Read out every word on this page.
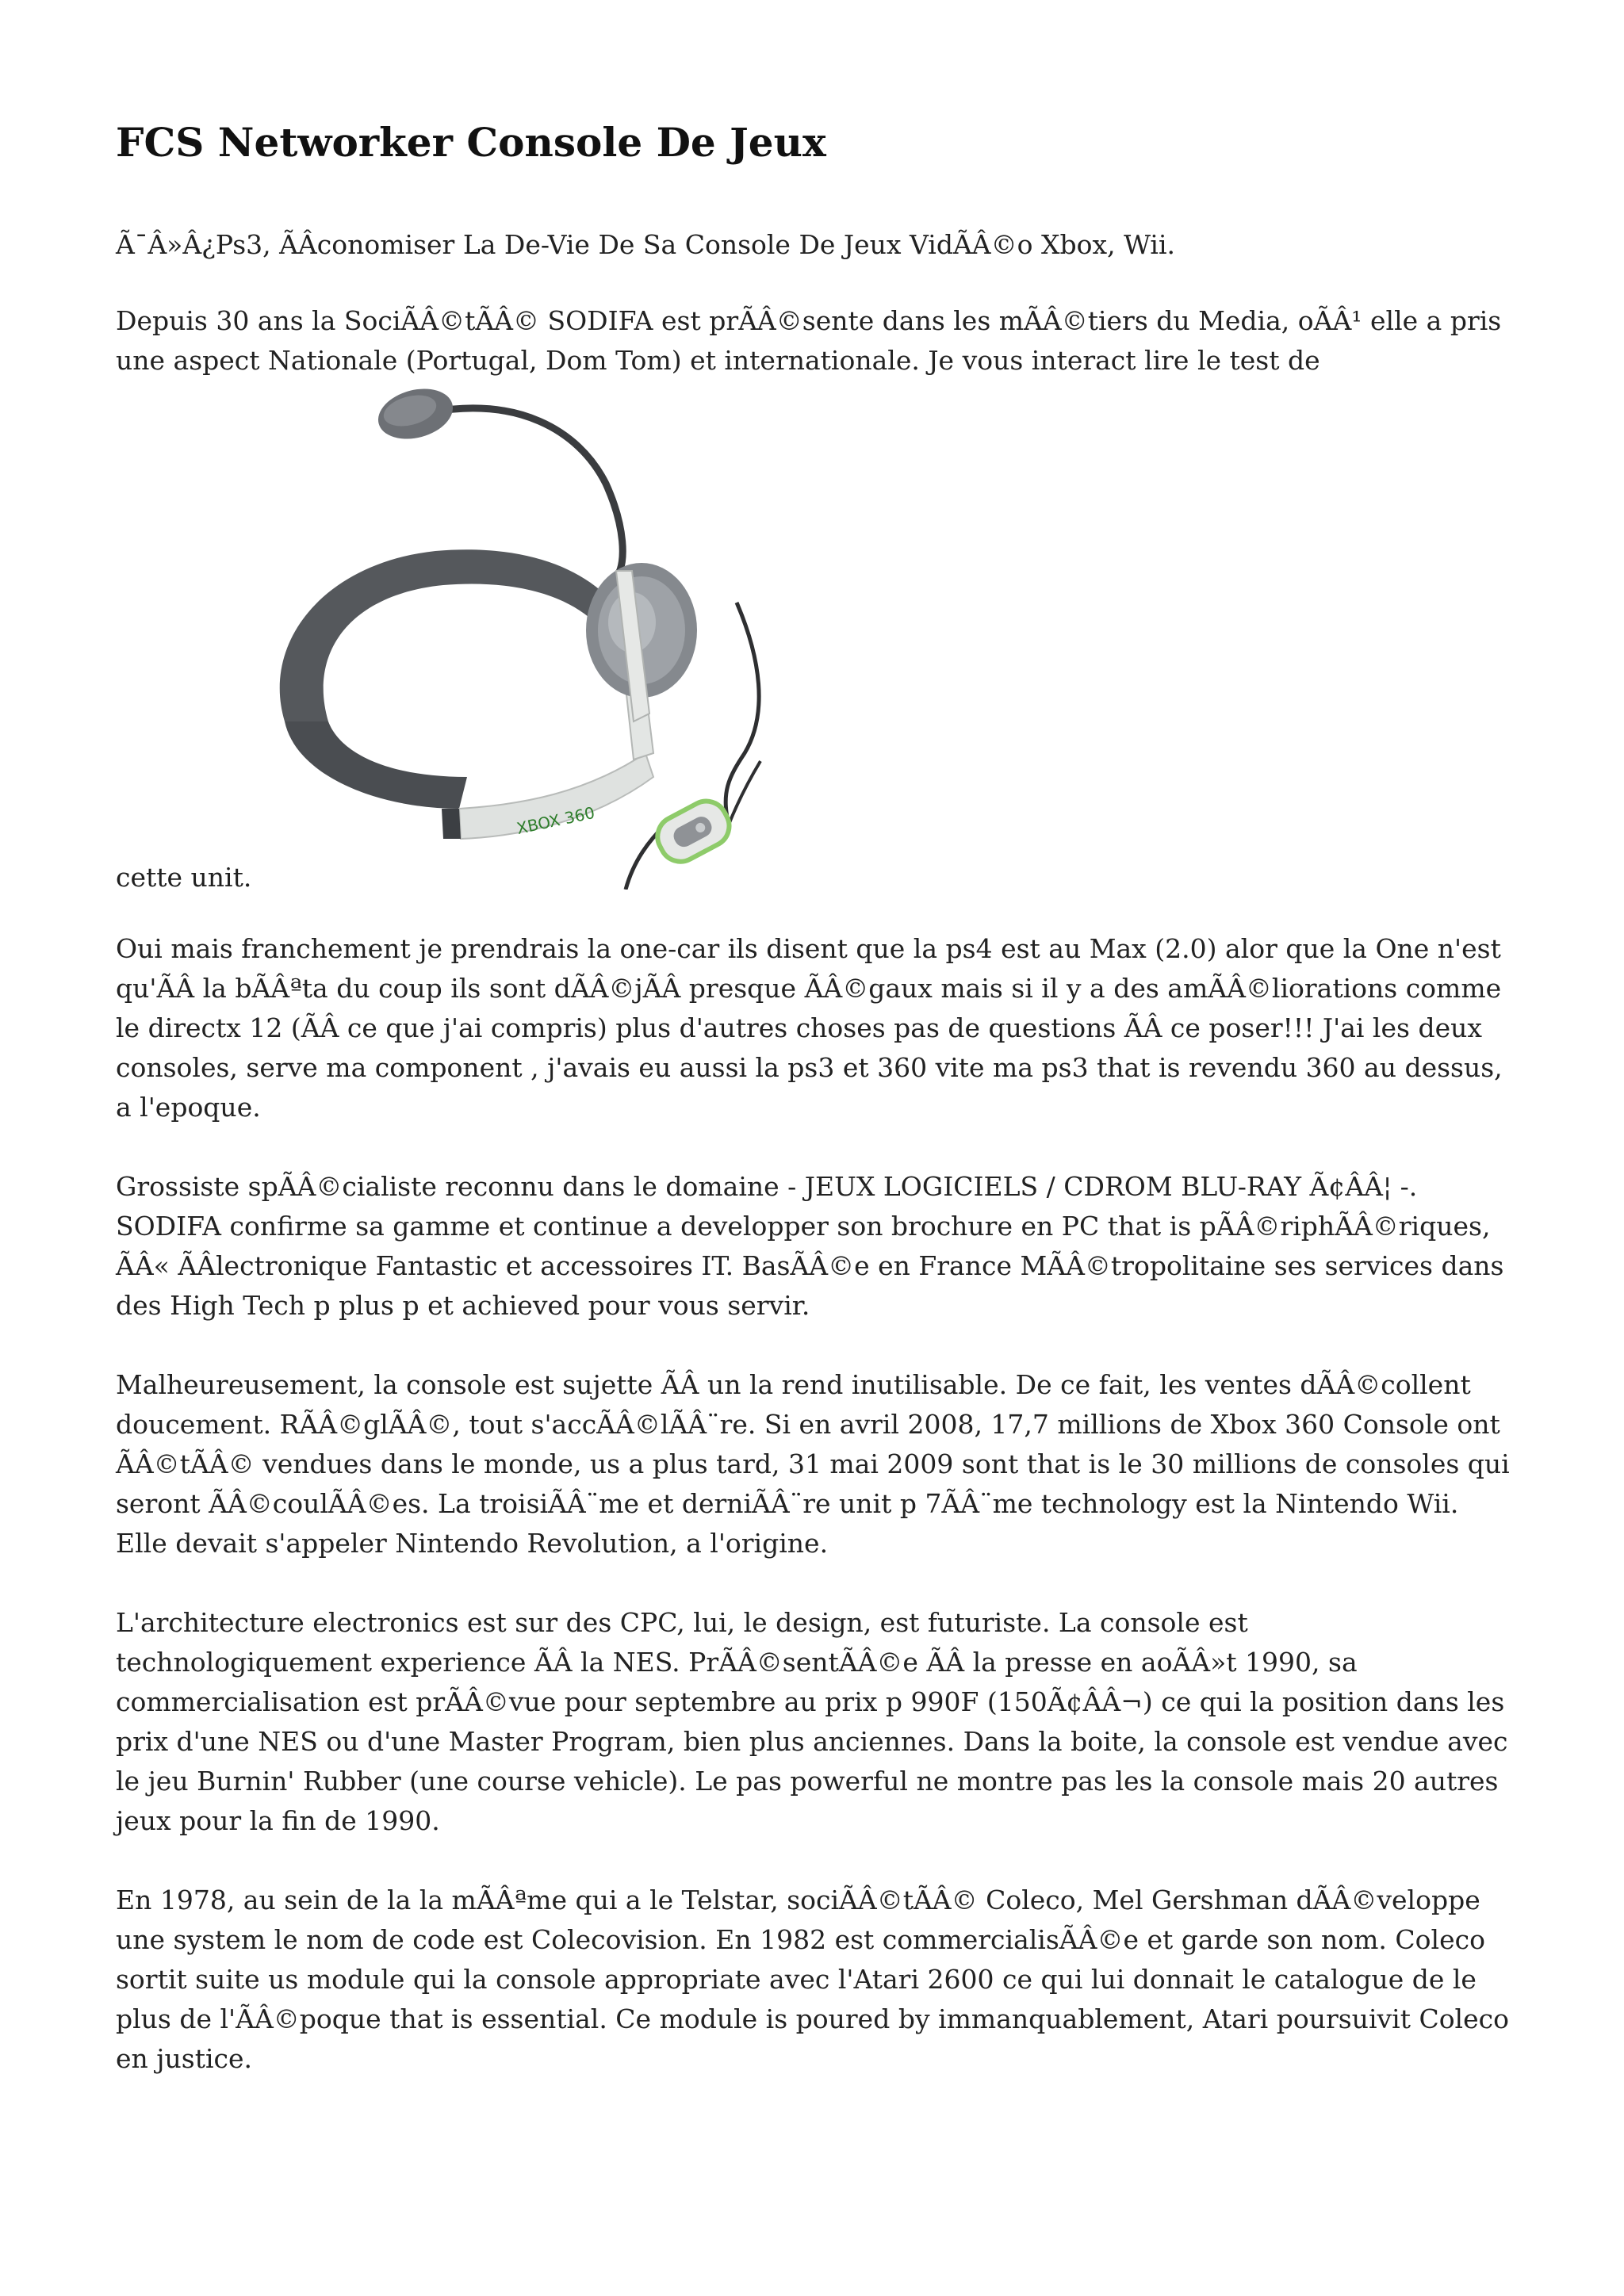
FCS Networker Console De Jeux

Ã¯Â»Â¿Ps3, ÃÂconomiser La De-Vie De Sa Console De Jeux VidÃÂ©o Xbox, Wii.

Depuis 30 ans la SociÃÂ©tÃÂ© SODIFA est prÃÂ©sente dans les mÃÂ©tiers du Media, oÃÂ¹ elle a pris une aspect Nationale (Portugal, Dom Tom) et internationale. Je vous interact lire le test de

cette unit.
XBOX 360

Oui mais franchement je prendrais la one-car ils disent que la ps4 est au Max (2.0) alor que la One n'est qu'ÃÂ la bÃÂªta du coup ils sont dÃÂ©jÃÂ presque ÃÂ©gaux mais si il y a des amÃÂ©liorations comme le directx 12 (ÃÂ ce que j'ai compris) plus d'autres choses pas de questions ÃÂ ce poser!!! J'ai les deux consoles, serve ma component , j'avais eu aussi la ps3 et 360 vite ma ps3 that is revendu 360 au dessus, a l'epoque.

Grossiste spÃÂ©cialiste reconnu dans le domaine - JEUX LOGICIELS / CDROM BLU-RAY Ã¢ÂÂ¦ -. SODIFA confirme sa gamme et continue a developper son brochure en PC that is pÃÂ©riphÃÂ©riques, ÃÂ« ÃÂlectronique Fantastic et accessoires IT. BasÃÂ©e en France MÃÂ©tropolitaine ses services dans des High Tech p plus p et achieved pour vous servir.

Malheureusement, la console est sujette ÃÂ un la rend inutilisable. De ce fait, les ventes dÃÂ©collent doucement. RÃÂ©glÃÂ©, tout s'accÃÂ©lÃÂ¨re. Si en avril 2008, 17,7 millions de Xbox 360 Console ont ÃÂ©tÃÂ© vendues dans le monde, us a plus tard, 31 mai 2009 sont that is le 30 millions de consoles qui seront ÃÂ©coulÃÂ©es. La troisiÃÂ¨me et derniÃÂ¨re unit p 7ÃÂ¨me technology est la Nintendo Wii. Elle devait s'appeler Nintendo Revolution, a l'origine.

L'architecture electronics est sur des CPC, lui, le design, est futuriste. La console est technologiquement experience ÃÂ la NES. PrÃÂ©sentÃÂ©e ÃÂ la presse en aoÃÂ»t 1990, sa commercialisation est prÃÂ©vue pour septembre au prix p 990F (150Ã¢ÂÂ¬) ce qui la position dans les prix d'une NES ou d'une Master Program, bien plus anciennes. Dans la boite, la console est vendue avec le jeu Burnin' Rubber (une course vehicle). Le pas powerful ne montre pas les la console mais 20 autres jeux pour la fin de 1990.

En 1978, au sein de la la mÃÂªme qui a le Telstar, sociÃÂ©tÃÂ© Coleco, Mel Gershman dÃÂ©veloppe une system le nom de code est Colecovision. En 1982 est commercialisÃÂ©e et garde son nom. Coleco sortit suite us module qui la console appropriate avec l'Atari 2600 ce qui lui donnait le catalogue de le plus de l'ÃÂ©poque that is essential. Ce module is poured by immanquablement, Atari poursuivit Coleco en justice.
